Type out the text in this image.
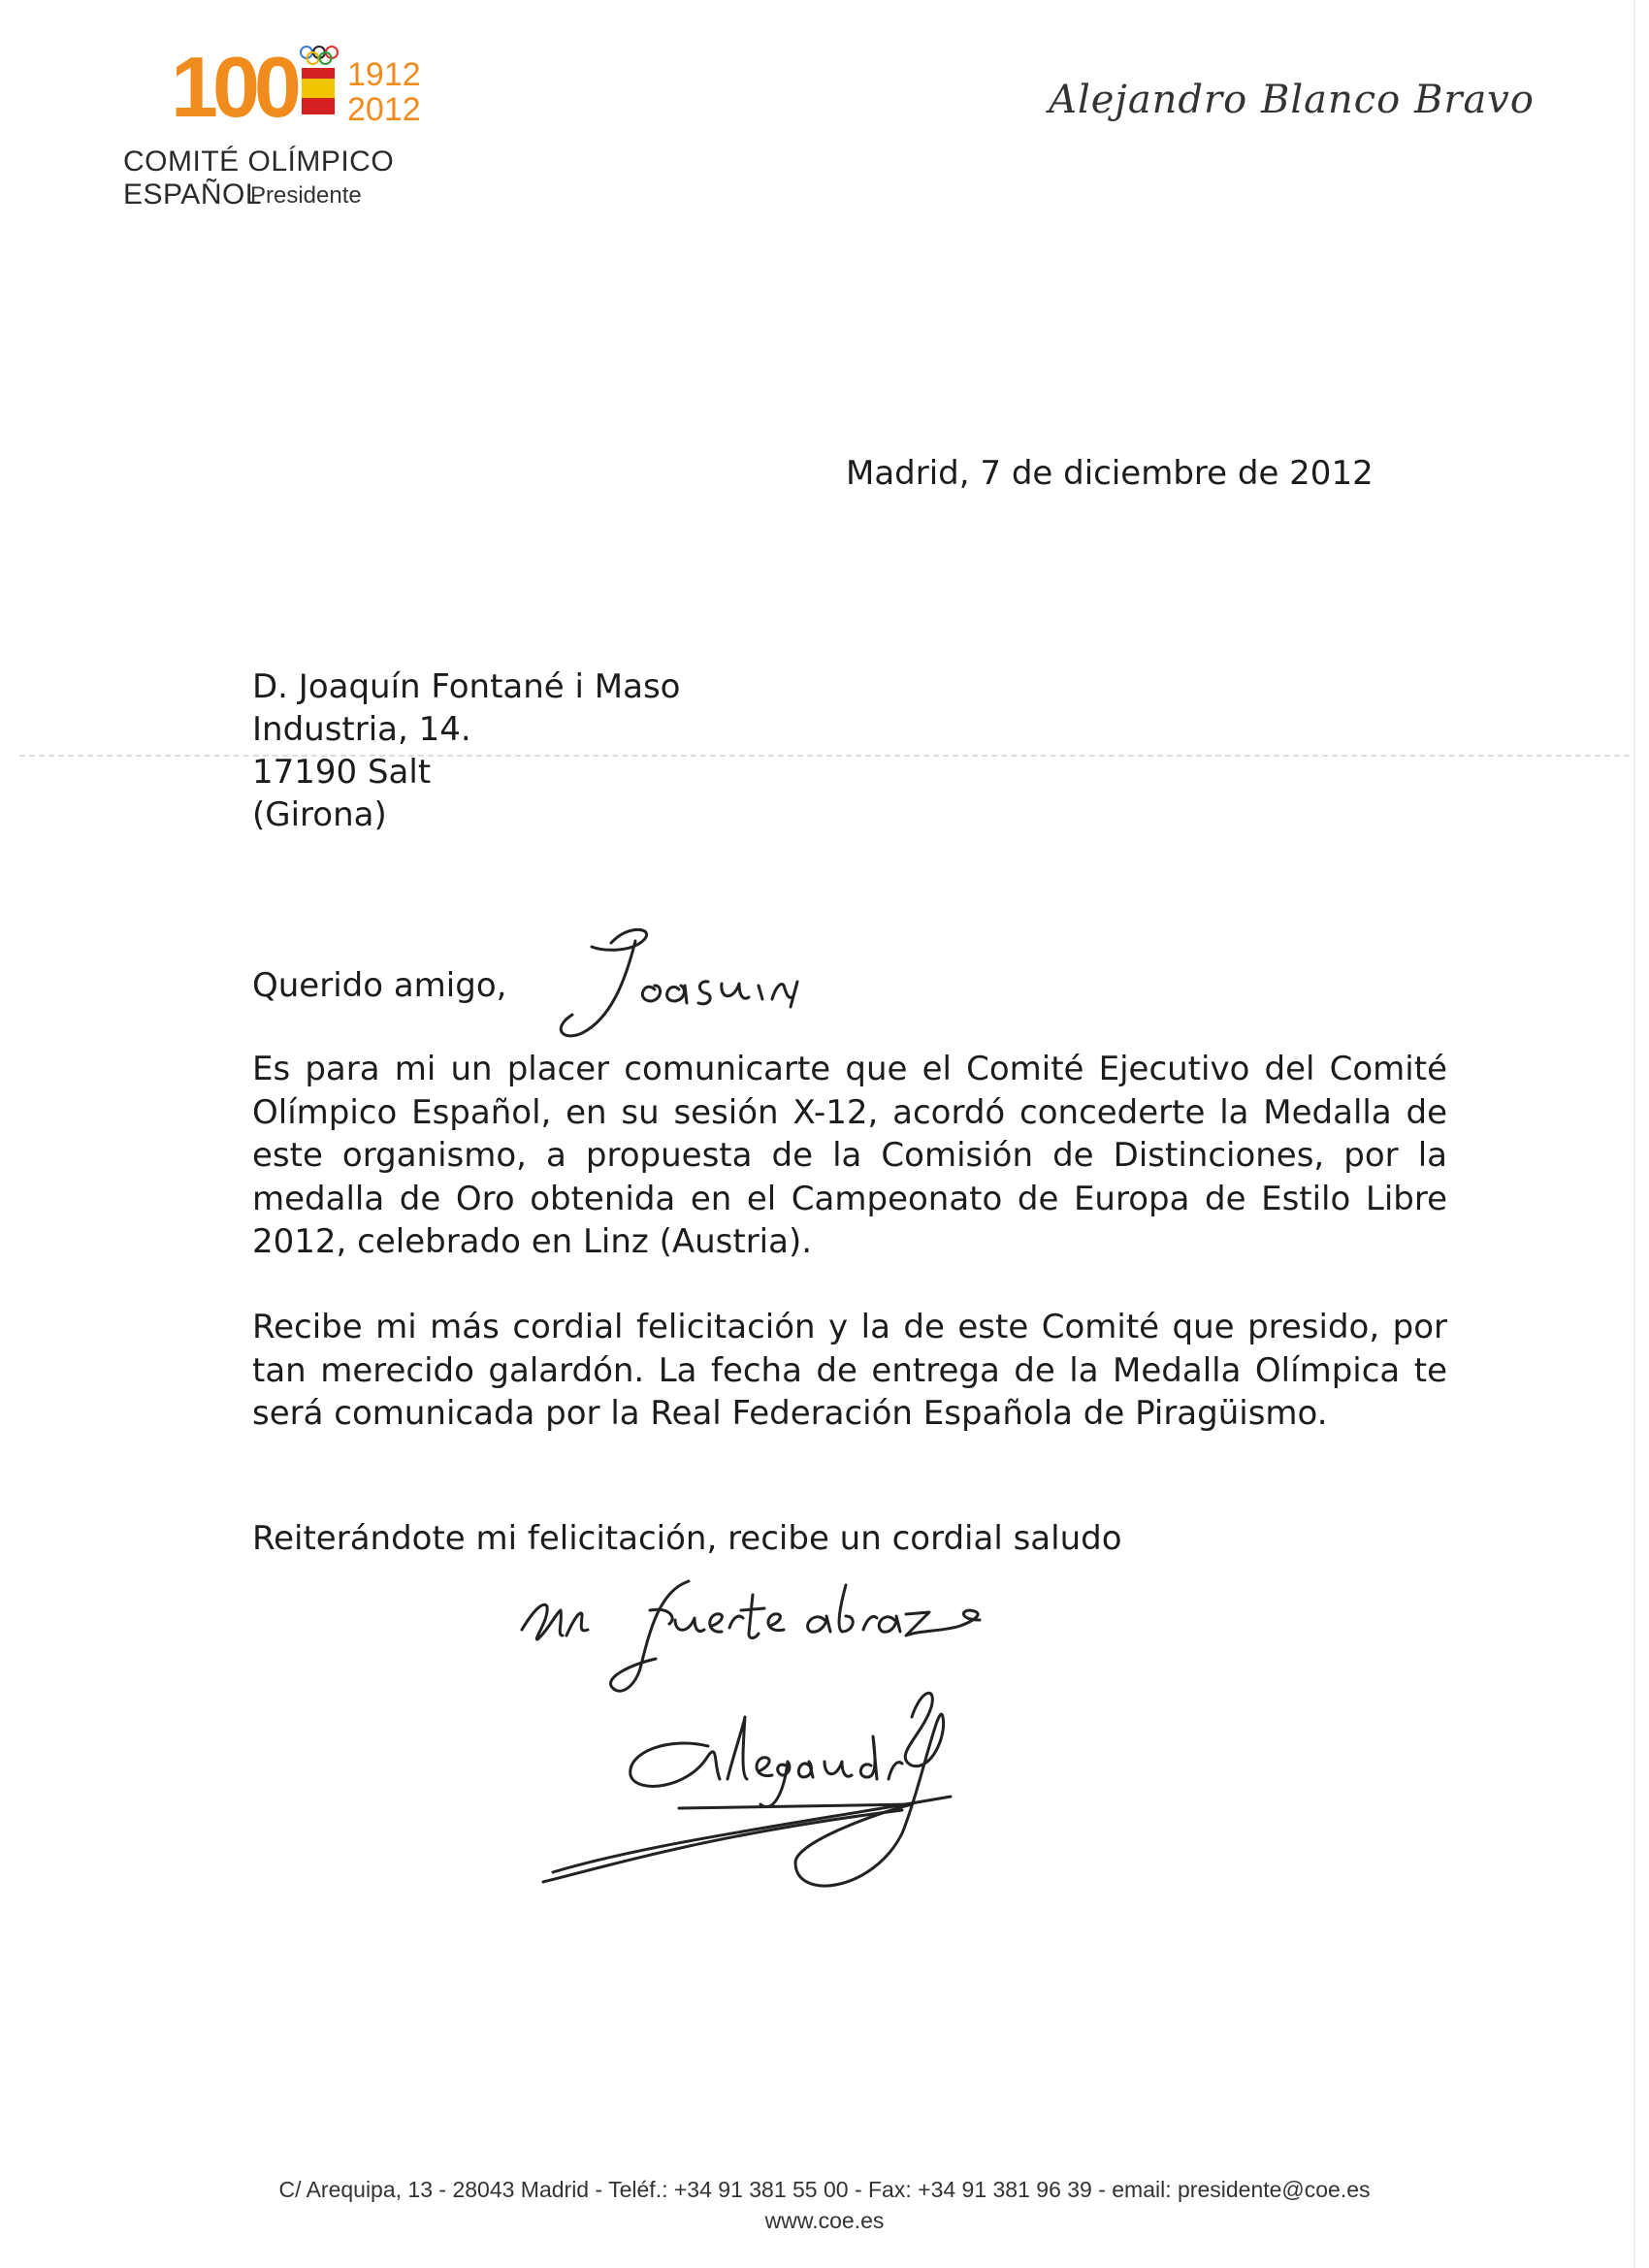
100 1912
2012
COMITÉ OLÍMPICO ESPAÑOL
Presidente
Alejandro Blanco Bravo
Madrid, 7 de diciembre de 2012
D. Joaquín Fontané i Maso
Industria, 14.
17190 Salt
(Girona)
Querido amigo,
Es para mi un placer comunicarte que el Comité Ejecutivo del Comité Olímpico Español, en su sesión X-12, acordó concederte la Medalla de este organismo, a propuesta de la Comisión de Distinciones, por la medalla de Oro obtenida en el Campeonato de Europa de Estilo Libre 2012, celebrado en Linz (Austria).
Recibe mi más cordial felicitación y la de este Comité que presido, por tan merecido galardón. La fecha de entrega de la Medalla Olímpica te será comunicada por la Real Federación Española de Piragüismo.
Reiterándote mi felicitación, recibe un cordial saludo
C/ Arequipa, 13 - 28043 Madrid - Teléf.: +34 91 381 55 00 - Fax: +34 91 381 96 39 - email: presidente@coe.es
www.coe.es
